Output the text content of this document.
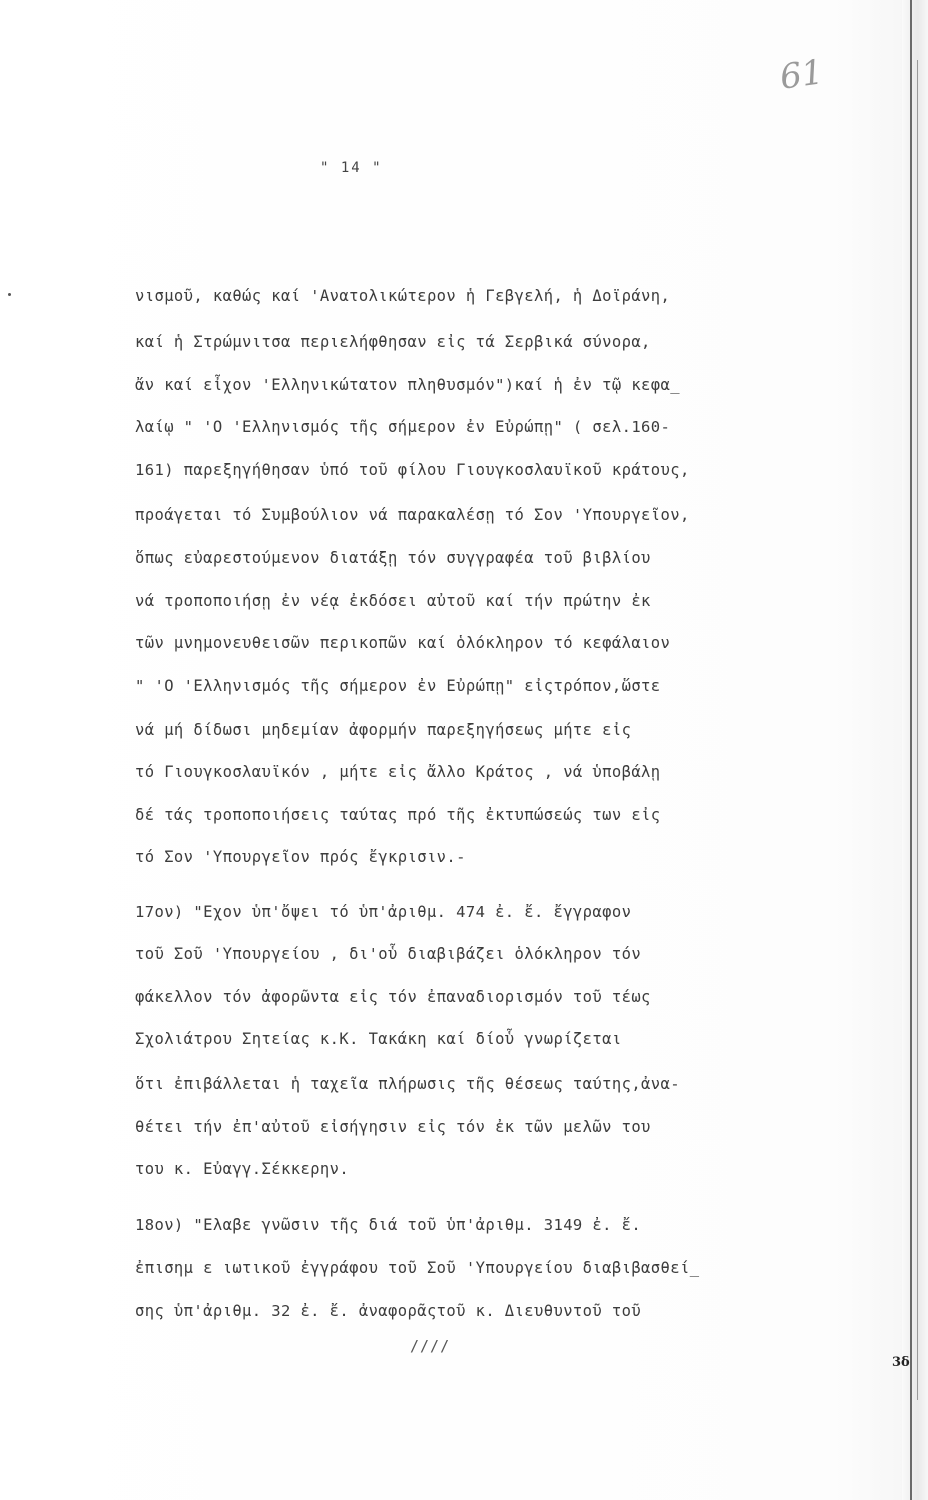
61
" 14 "
νισμοῦ, καθώς καί 'Ανατολικώτερον ἡ Γεβγελή, ἡ Δοϊράνη,
καί ἡ Στρώμνιτσα περιελήφθησαν εἰς τά Σερβικά σύνορα,
ἄν καί εἶχον 'Ελληνικώτατον πληθυσμόν")καί ἡ ἐν τῷ κεφα_
λαίῳ " 'Ο 'Ελληνισμός τῆς σήμερον ἐν Εὐρώπῃ" ( σελ.160-
161) παρεξηγήθησαν ὑπό τοῦ φίλου Γιουγκοσλαυϊκοῦ κράτους,
προάγεται τό Συμβούλιον νά παρακαλέσῃ τό Σον 'Υπουργεῖον,
ὅπως εὐαρεστούμενον διατάξῃ τόν συγγραφέα τοῦ βιβλίου
νά τροποποιήσῃ ἐν νέᾳ ἐκδόσει αὐτοῦ καί τήν πρώτην ἐκ
τῶν μνημονευθεισῶν περικοπῶν καί ὁλόκληρον τό κεφάλαιον
" 'Ο 'Ελληνισμός τῆς σήμερον ἐν Εὐρώπῃ" εἰςτρόπον,ὥστε
νά μή δίδωσι μηδεμίαν ἀφορμήν παρεξηγήσεως μήτε εἰς
τό Γιουγκοσλαυϊκόν , μήτε εἰς ἄλλο Κράτος , νά ὑποβάλῃ
δέ τάς τροποποιήσεις ταύτας πρό τῆς ἐκτυπώσεώς των εἰς
τό Σον 'Υπουργεῖον πρός ἔγκρισιν.-
17ον) "Εχον ὑπ'ὄψει τό ὑπ'ἀριθμ. 474 ἐ. ἔ. ἔγγραφον
τοῦ Σοῦ 'Υπουργείου , δι'οὗ διαβιβάζει ὁλόκληρον τόν
φάκελλον τόν ἀφορῶντα εἰς τόν ἐπαναδιορισμόν τοῦ τέως
Σχολιάτρου Σητείας κ.Κ. Τακάκη καί δίοὗ γνωρίζεται
ὅτι ἐπιβάλλεται ἡ ταχεῖα πλήρωσις τῆς θέσεως ταύτης,ἀνα-
θέτει τήν ἐπ'αὐτοῦ εἰσήγησιν εἰς τόν ἐκ τῶν μελῶν του
του κ. Εὐαγγ.Σέκκερην.
18ον) "Ελαβε γνῶσιν τῆς διά τοῦ ὑπ'ἀριθμ. 3149 ἐ. ἔ.
ἐπισημ ε ιωτικοῦ ἐγγράφου τοῦ Σοῦ 'Υπουργείου διαβιβασθεί_
σης ὑπ'ἀριθμ. 32 ἐ. ἔ. ἀναφορᾶςτοῦ κ. Διευθυντοῦ τοῦ
////
3δ
